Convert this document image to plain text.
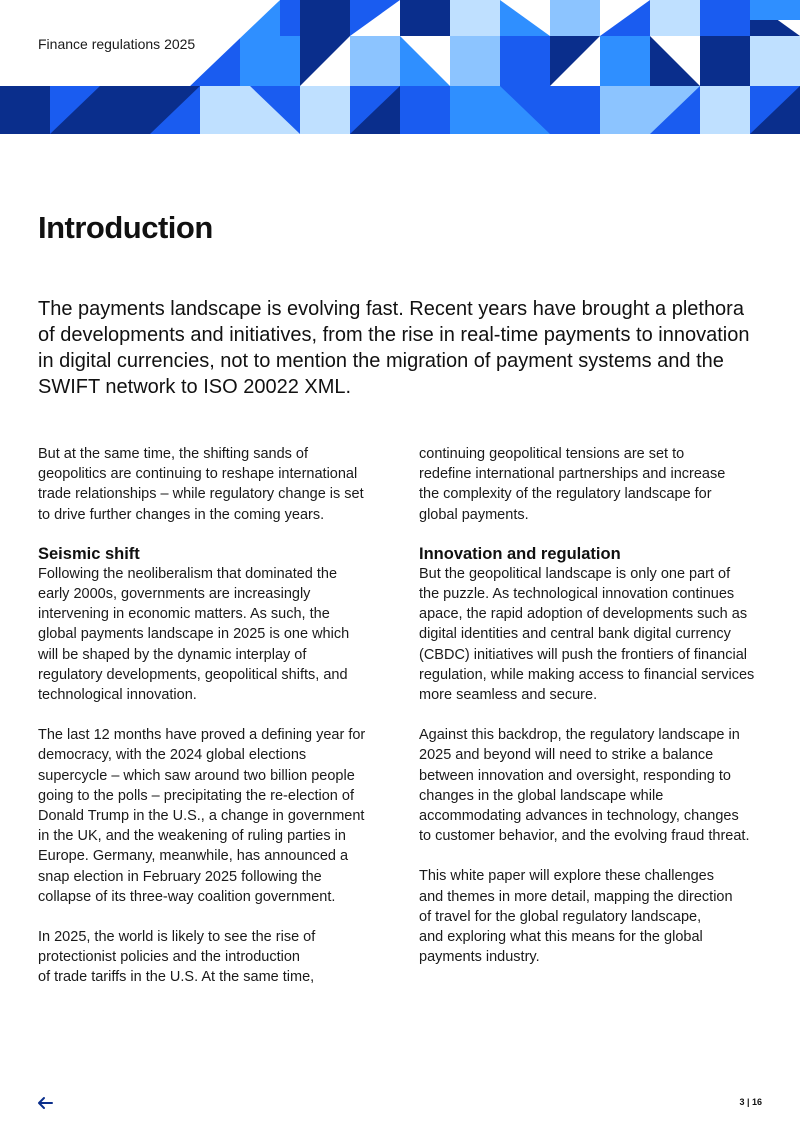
Finance regulations 2025
Introduction

The payments landscape is evolving fast. Recent years have brought a plethora
of developments and initiatives, from the rise in real-time payments to innovation
in digital currencies, not to mention the migration of payment systems and the
SWIFT network to ISO 20022 XML.

But at the same time, the shifting sands of
geopolitics are continuing to reshape international
trade relationships – while regulatory change is set
to drive further changes in the coming years.

Seismic shift

Following the neoliberalism that dominated the
early 2000s, governments are increasingly
intervening in economic matters. As such, the
global payments landscape in 2025 is one which
will be shaped by the dynamic interplay of
regulatory developments, geopolitical shifts, and
technological innovation.

The last 12 months have proved a defining year for
democracy, with the 2024 global elections
supercycle – which saw around two billion people
going to the polls – precipitating the re-election of
Donald Trump in the U.S., a change in government
in the UK, and the weakening of ruling parties in
Europe. Germany, meanwhile, has announced a
snap election in February 2025 following the
collapse of its three-way coalition government.

In 2025, the world is likely to see the rise of
protectionist policies and the introduction
of trade tariffs in the U.S. At the same time,

continuing geopolitical tensions are set to
redefine international partnerships and increase
the complexity of the regulatory landscape for
global payments.

Innovation and regulation

But the geopolitical landscape is only one part of
the puzzle. As technological innovation continues
apace, the rapid adoption of developments such as
digital identities and central bank digital currency
(CBDC) initiatives will push the frontiers of financial
regulation, while making access to financial services
more seamless and secure.

Against this backdrop, the regulatory landscape in
2025 and beyond will need to strike a balance
between innovation and oversight, responding to
changes in the global landscape while
accommodating advances in technology, changes
to customer behavior, and the evolving fraud threat.

This white paper will explore these challenges
and themes in more detail, mapping the direction
of travel for the global regulatory landscape,
and exploring what this means for the global
payments industry.

3 | 16
